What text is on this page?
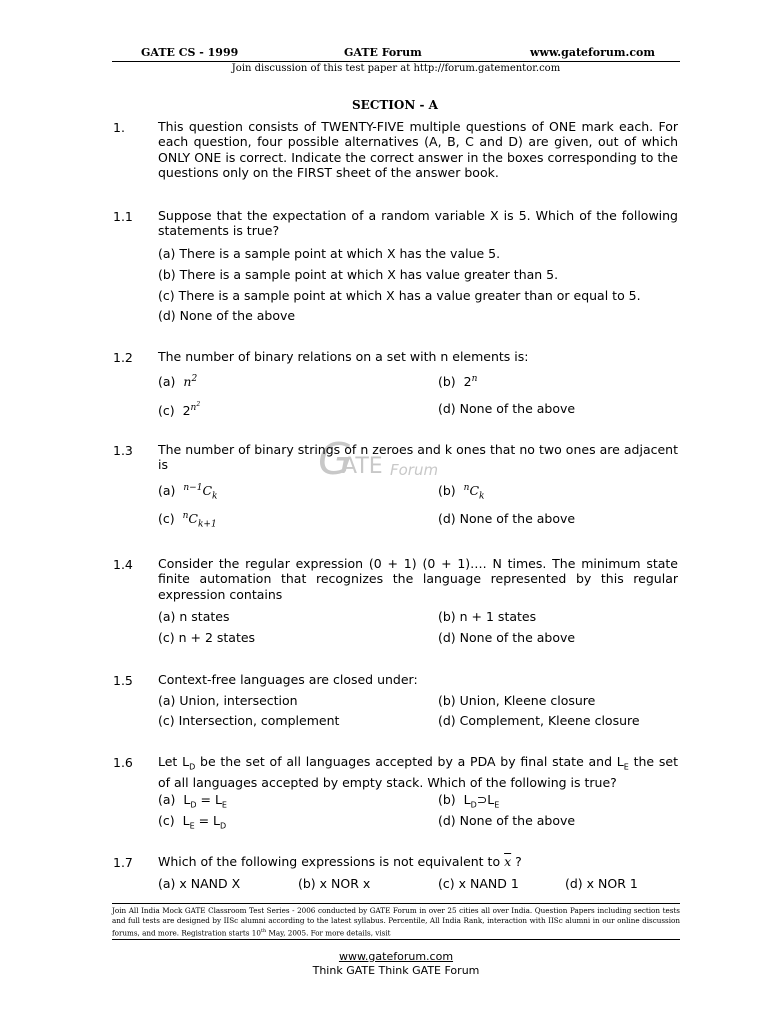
GATE CS - 1999	GATE Forum	www.gateforum.com
Join discussion of this test paper at http://forum.gatementor.com
SECTION - A
G
ATE Forum
1.	This question consists of TWENTY-FIVE multiple questions of ONE mark each. For each question, four possible alternatives (A, B, C and D) are given, out of which ONLY ONE is correct. Indicate the correct answer in the boxes corresponding to the questions only on the FIRST sheet of the answer book.
1.1 Suppose that the expectation of a random variable X is 5. Which of the following statements is true?
(a) There is a sample point at which X has the value 5.
(b) There is a sample point at which X has value greater than 5.
(c) There is a sample point at which X has a value greater than or equal to 5.
(d) None of the above
1.2 The number of binary relations on a set with n elements is:
(a) $n^2$	(b) 2$^n$
(c) $2^{n^2}$	(d) None of the above
1.3 The number of binary strings of n zeroes and k ones that no two ones are adjacent is
(a) $^{n-1}C_k$	(b) $^nC_k$
(c) $^nC_{k+1}$	(d) None of the above
1.4 Consider the regular expression (0 + 1) (0 + 1)…. N times. The minimum state finite automation that recognizes the language represented by this regular expression contains
(a) n states	(b) n + 1 states
(c) n + 2 states	(d) None of the above
1.5 Context-free languages are closed under:
(a) Union, intersection	(b) Union, Kleene closure
(c) Intersection, complement	(d) Complement, Kleene closure
1.6 Let $L_D$ be the set of all languages accepted by a PDA by final state and $L_E$ the set of all languages accepted by empty stack. Which of the following is true?
(a) $L_D = L_E$	(b) $L_D⊃L_E$
(c) $L_E = L_D$	(d) None of the above
1.7 Which of the following expressions is not equivalent to $\overline{x}$ ?
(a) x NAND X	(b) x NOR x	(c) x NAND 1	(d) x NOR 1
Join All India Mock GATE Classroom Test Series - 2006 conducted by GATE Forum in over 25 cities all over India. Question Papers including section tests and full tests are designed by IISc alumni according to the latest syllabus. Percentile, All India Rank, interaction with IISc alumni in our online discussion forums, and more. Registration starts 10th May, 2005. For more details, visit
www.gateforum.com
Think GATE Think GATE Forum
